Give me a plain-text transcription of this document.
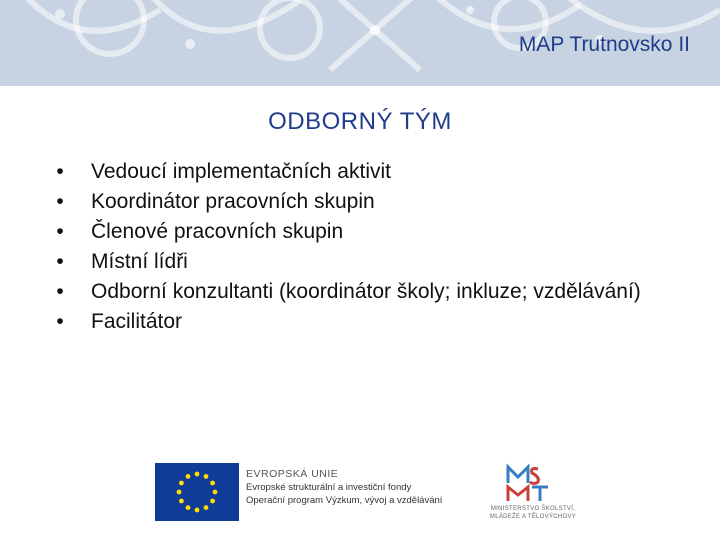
MAP Trutnovsko II
ODBORNÝ TÝM
• Vedoucí implementačních aktivit
• Koordinátor pracovních skupin
• Členové pracovních skupin
• Místní lídři
• Odborní konzultanti (koordinátor školy; inkluze; vzdělávání)
• Facilitátor
EVROPSKÁ UNIE
Evropské strukturální a investiční fondy
Operační program Výzkum, vývoj a vzdělávání
MINISTERSTVO ŠKOLSTVÍ,
MLÁDEŽE A TĚLOVÝCHOVY
